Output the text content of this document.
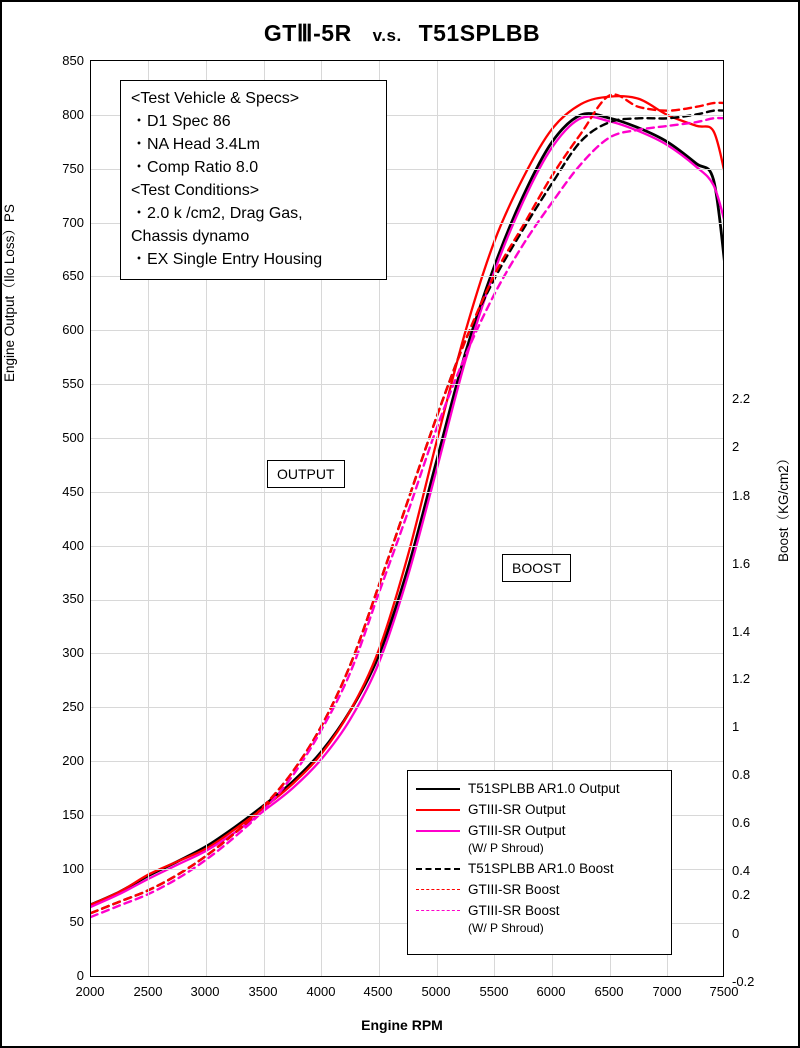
GTⅢ-5R v.s. T51SPLBB
Engine Output（Ilo Loss）PS
Boost（KG/cm2）
Engine RPM
850
800
750
700
650
600
550
500
450
400
350
300
250
200
150
100
50
0
2.2
2
1.8
1.6
1.4
1.2
1
0.8
0.6
0.4
0.2
0
-0.2
2000	2500	3000	3500	4000	4500	5000	5500	6000	6500	7000	7500
<Test Vehicle & Specs>
・D1 Spec 86
・NA Head 3.4Lm
・Comp Ratio 8.0
<Test Conditions>
・2.0 k /cm2, Drag Gas,
Chassis dynamo
・EX Single Entry Housing
OUTPUT
BOOST
T51SPLBB AR1.0 Output
GTIII-SR Output
GTIII-SR Output
(W/ P Shroud)
T51SPLBB AR1.0 Boost
GTIII-SR Boost
GTIII-SR Boost
(W/ P Shroud)
